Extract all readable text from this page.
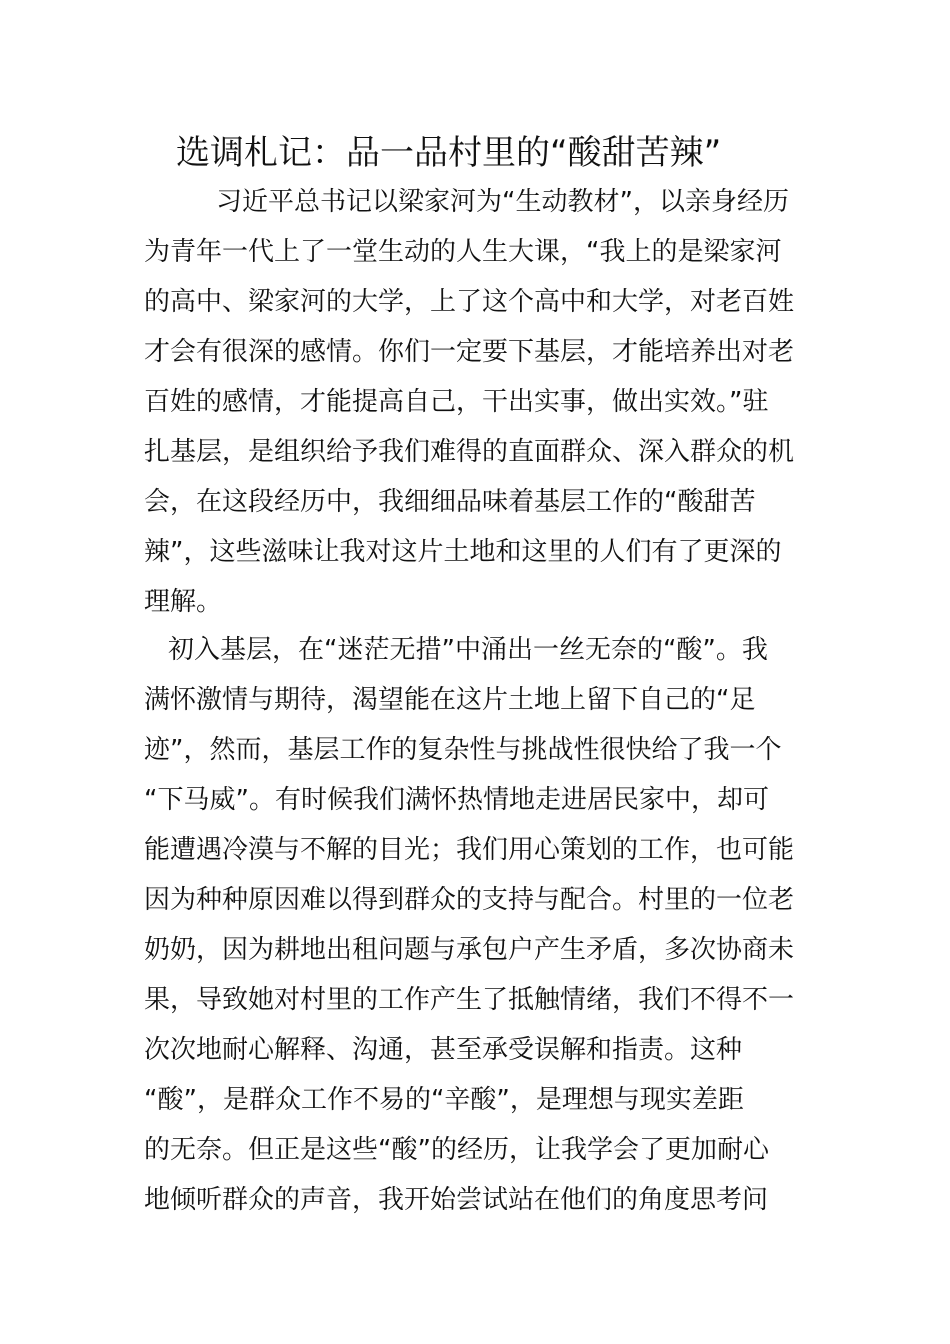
选调札记：品一品村里的“酸甜苦辣”
习近平总书记以梁家河为“生动教材”，以亲身经历
为青年一代上了一堂生动的人生大课，“我上的是梁家河
的高中、梁家河的大学，上了这个高中和大学，对老百姓
才会有很深的感情。你们一定要下基层，才能培养出对老
百姓的感情，才能提高自己，干出实事，做出实效。”驻
扎基层，是组织给予我们难得的直面群众、深入群众的机
会，在这段经历中，我细细品味着基层工作的“酸甜苦
辣”，这些滋味让我对这片土地和这里的人们有了更深的
理解。
初入基层，在“迷茫无措”中涌出一丝无奈的“酸”。我
满怀激情与期待，渴望能在这片土地上留下自己的“足
迹”，然而，基层工作的复杂性与挑战性很快给了我一个
“下马威”。有时候我们满怀热情地走进居民家中，却可
能遭遇冷漠与不解的目光；我们用心策划的工作，也可能
因为种种原因难以得到群众的支持与配合。村里的一位老
奶奶，因为耕地出租问题与承包户产生矛盾，多次协商未
果，导致她对村里的工作产生了抵触情绪，我们不得不一
次次地耐心解释、沟通，甚至承受误解和指责。这种
“酸”，是群众工作不易的“辛酸”，是理想与现实差距
的无奈。但正是这些“酸”的经历，让我学会了更加耐心
地倾听群众的声音，我开始尝试站在他们的角度思考问
